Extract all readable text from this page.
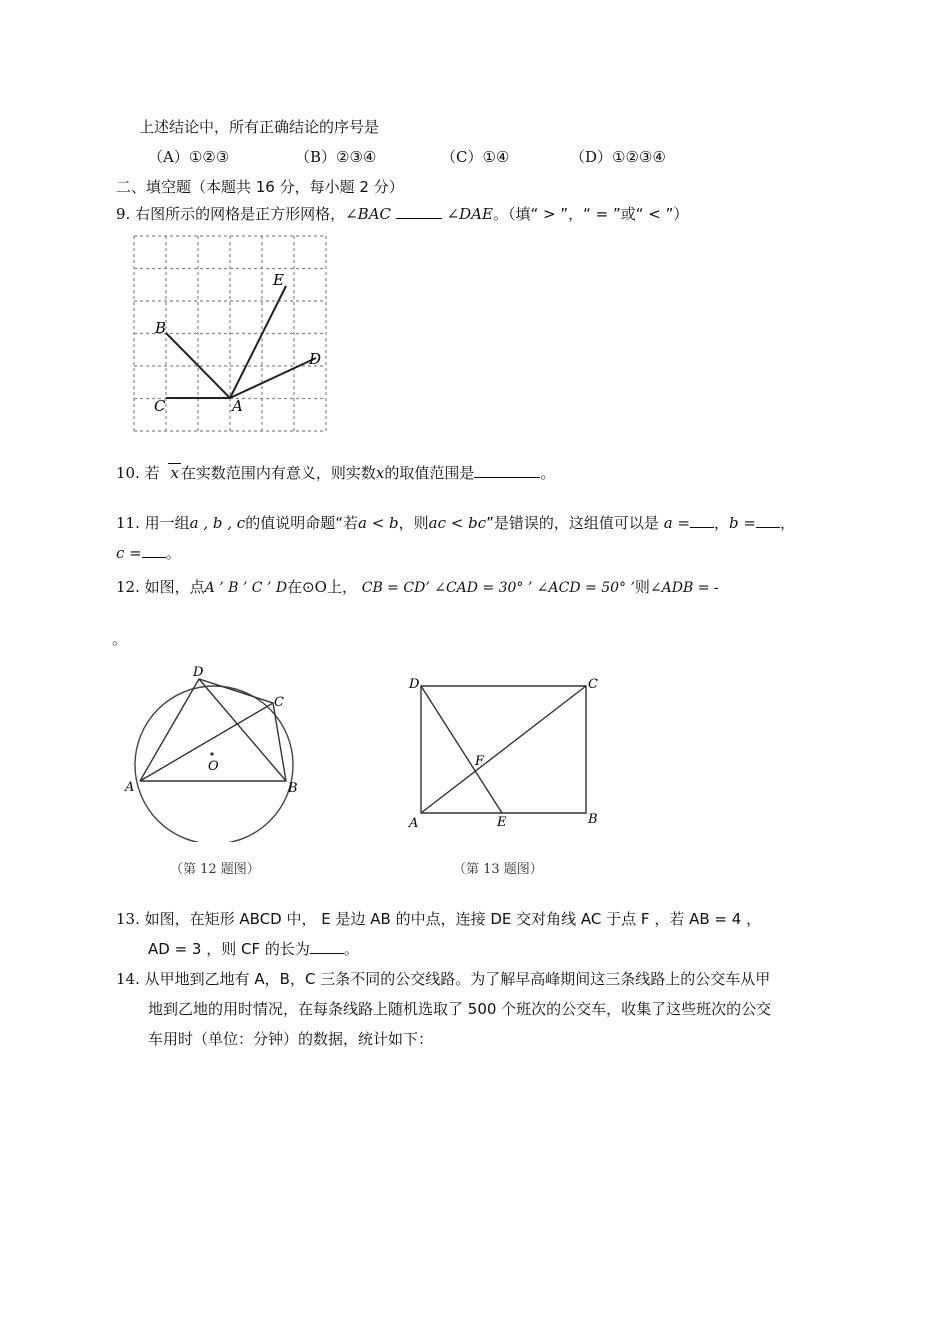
上述结论中，所有正确结论的序号是
（A）①②③	（B）②③④	（C）①④	（D）①②③④
二、填空题（本题共 16 分，每小题 2 分）
9. 右图所示的网格是正方形网格，∠BAC	∠DAE。（填“ > ”，“ = ”或“ < ”）
B
C	A
D
E
10. 若 x 在实数范围内有意义，则实数x的取值范围是	。
11. 用一组a , b , c的值说明命题“若a < b，则ac < bc”是错误的，这组值可以是 a = ，b = ，
c = 。
12. 如图，点A ’ B ’ C ’ D在⊙O上， CB = CD’ ∠CAD = 30° ’ ∠ACD = 50° ’则∠ADB = ‑
。
A	B
C
D
O
（第 12 题图）
D	C
A	B
E
F
（第 13 题图）
13. 如图，在矩形 ABCD 中， E 是边 AB 的中点，连接 DE 交对角线 AC 于点 F ，若 AB = 4 ，
AD = 3 ，则 CF 的长为 。
14. 从甲地到乙地有 A，B，C 三条不同的公交线路。为了解早高峰期间这三条线路上的公交车从甲
地到乙地的用时情况，在每条线路上随机选取了 500 个班次的公交车，收集了这些班次的公交
车用时（单位：分钟）的数据，统计如下：
